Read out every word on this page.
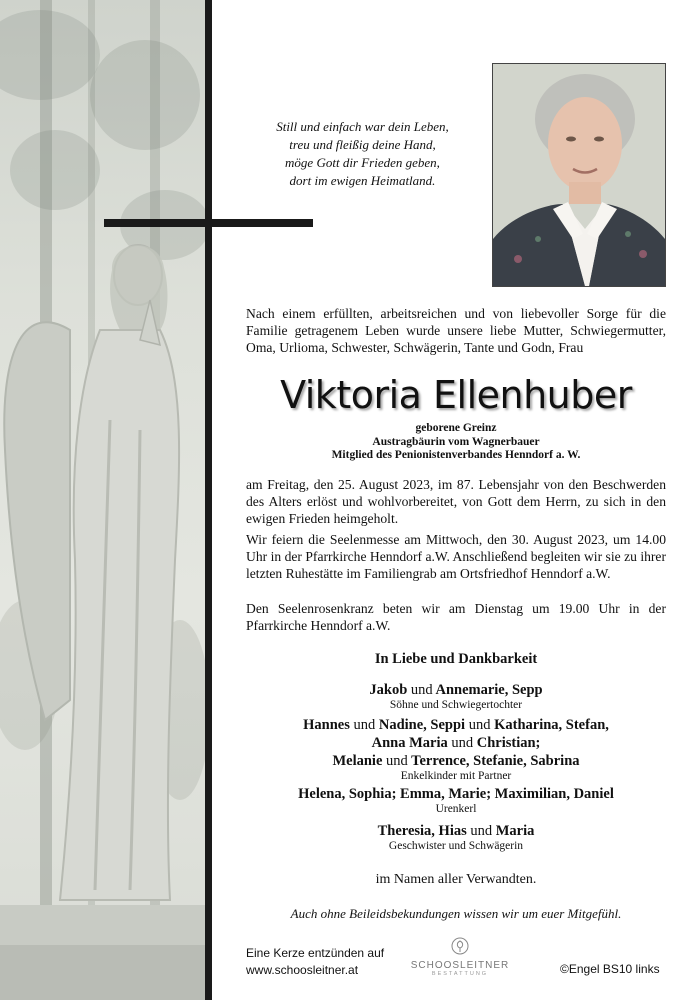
Still und einfach war dein Leben,
treu und fleißig deine Hand,
möge Gott dir Frieden geben,
dort im ewigen Heimatland.
Nach einem erfüllten, arbeitsreichen und von liebevoller Sorge für die Familie getragenem Leben wurde unsere liebe Mutter, Schwiegermutter, Oma, Urlioma, Schwester, Schwägerin, Tante und Godn, Frau
Viktoria Ellenhuber
geborene Greinz
Austragbäurin vom Wagnerbauer
Mitglied des Penionistenverbandes Henndorf a. W.
am Freitag, den 25. August 2023, im 87. Lebensjahr von den Beschwerden des Alters erlöst und wohlvorbereitet, von Gott dem Herrn, zu sich in den ewigen Frieden heimgeholt.
Wir feiern die Seelenmesse am Mittwoch, den 30. August 2023, um 14.00 Uhr in der Pfarrkirche Henndorf a.W. Anschließend begleiten wir sie zu ihrer letzten Ruhestätte im Familiengrab am Ortsfriedhof Henndorf a.W.
Den Seelenrosenkranz beten wir am Dienstag um 19.00 Uhr in der Pfarrkirche Henndorf a.W.
In Liebe und Dankbarkeit
Jakob und Annemarie, Sepp
Söhne und Schwiegertochter
Hannes und Nadine, Seppi und Katharina, Stefan,
Anna Maria und Christian;
Melanie und Terrence, Stefanie, Sabrina
Enkelkinder mit Partner
Helena, Sophia; Emma, Marie; Maximilian, Daniel
Urenkerl
Theresia, Hias und Maria
Geschwister und Schwägerin
im Namen aller Verwandten.
Auch ohne Beileidsbekundungen wissen wir um euer Mitgefühl.
Eine Kerze entzünden auf
www.schoosleitner.at	SCHOOSLEITNER
BESTATTUNG	©Engel BS10 links
